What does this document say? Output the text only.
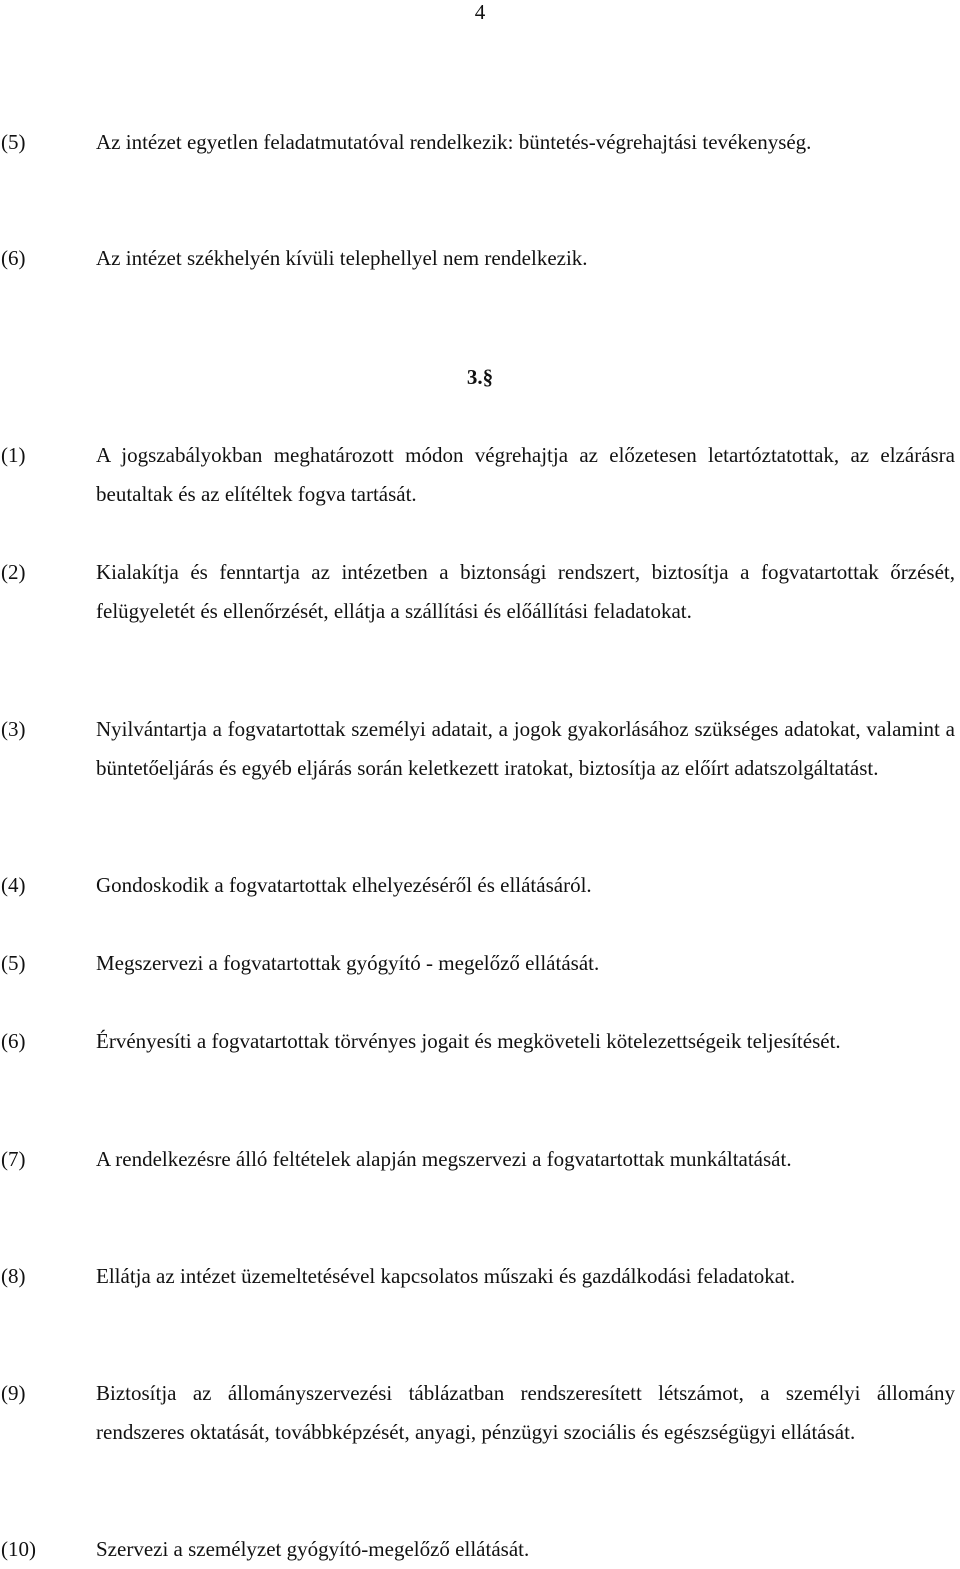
4
(5)	Az intézet egyetlen feladatmutatóval rendelkezik: büntetés-végrehajtási tevékenység.
(6)	Az intézet székhelyén kívüli telephellyel nem rendelkezik.
3.§
(1)	A jogszabályokban meghatározott módon végrehajtja az előzetesen letartóztatottak, az elzárásra beutaltak és az elítéltek fogva tartását.
(2)	Kialakítja és fenntartja az intézetben a biztonsági rendszert, biztosítja a fogvatartottak őrzését, felügyeletét és ellenőrzését, ellátja a szállítási és előállítási feladatokat.
(3)	Nyilvántartja a fogvatartottak személyi adatait, a jogok gyakorlásához szükséges adatokat, valamint a büntetőeljárás és egyéb eljárás során keletkezett iratokat, biztosítja az előírt adatszolgáltatást.
(4)	Gondoskodik a fogvatartottak elhelyezéséről és ellátásáról.
(5)	Megszervezi a fogvatartottak gyógyító - megelőző ellátását.
(6)	Érvényesíti a fogvatartottak törvényes jogait és megköveteli kötelezettségeik teljesítését.
(7)	A rendelkezésre álló feltételek alapján megszervezi a fogvatartottak munkáltatását.
(8)	Ellátja az intézet üzemeltetésével kapcsolatos műszaki és gazdálkodási feladatokat.
(9)	Biztosítja az állományszervezési táblázatban rendszeresített létszámot, a személyi állomány rendszeres oktatását, továbbképzését, anyagi, pénzügyi szociális és egészségügyi ellátását.
(10)	Szervezi a személyzet gyógyító-megelőző ellátását.
